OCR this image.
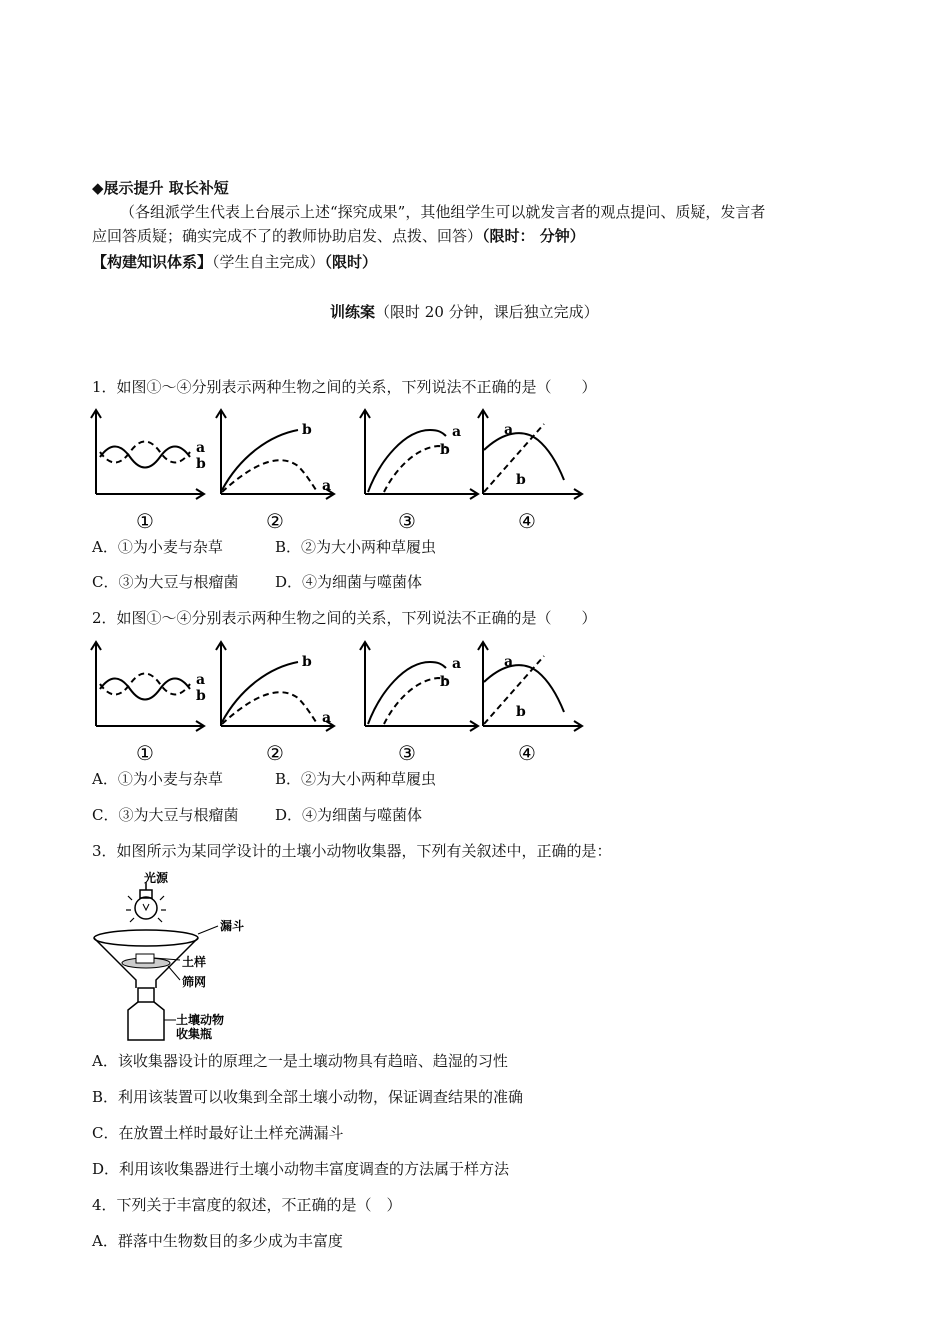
◆展示提升 取长补短
（各组派学生代表上台展示上述“探究成果”，其他组学生可以就发言者的观点提问、质疑，发言者
应回答质疑；确实完成不了的教师协助启发、点拨、回答）（限时： 分钟）
【构建知识体系】（学生自主完成）（限时）
训练案（限时 20 分钟，课后独立完成）
1．如图①～④分别表示两种生物之间的关系，下列说法不正确的是（　　）
a
b
①
b
a
②
a
b
③
a
b
④
A．①为小麦与杂草	B．②为大小两种草履虫
C．③为大豆与根瘤菌 D．④为细菌与噬菌体
2．如图①～④分别表示两种生物之间的关系，下列说法不正确的是（　　）
a
b
①
b
a
②
a
b
③
a
b
④
A．①为小麦与杂草	B．②为大小两种草履虫
C．③为大豆与根瘤菌 D．④为细菌与噬菌体
3．如图所示为某同学设计的土壤小动物收集器，下列有关叙述中，正确的是：
光源
漏斗
土样
筛网
土壤动物
收集瓶
A．该收集器设计的原理之一是土壤动物具有趋暗、趋湿的习性
B．利用该装置可以收集到全部土壤小动物，保证调查结果的准确
C．在放置土样时最好让土样充满漏斗
D．利用该收集器进行土壤小动物丰富度调查的方法属于样方法
4．下列关于丰富度的叙述，不正确的是（　）
A．群落中生物数目的多少成为丰富度
